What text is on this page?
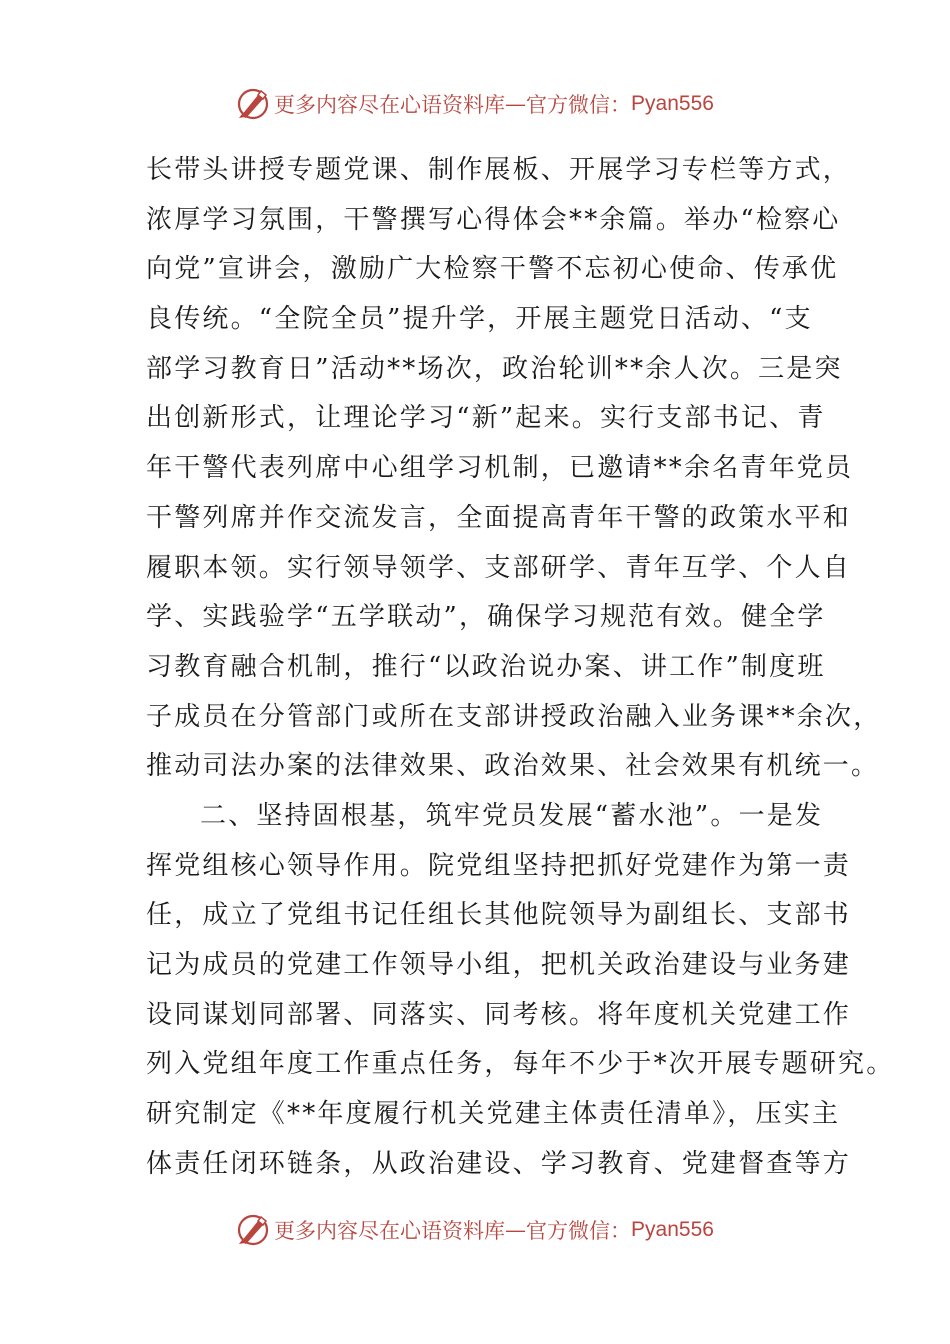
更多内容尽在心语资料库 — 官方微信： Pyan556
长带头讲授专题党课、制作展板、开展学习专栏等方式，
浓厚学习氛围，干警撰写心得体会**余篇。举办“检察心
向党”宣讲会，激励广大检察干警不忘初心使命、传承优
良传统。“全院全员”提升学，开展主题党日活动、“支
部学习教育日”活动**场次，政治轮训**余人次。三是突
出创新形式，让理论学习“新”起来。实行支部书记、青
年干警代表列席中心组学习机制，已邀请**余名青年党员
干警列席并作交流发言，全面提高青年干警的政策水平和
履职本领。实行领导领学、支部研学、青年互学、个人自
学、实践验学“五学联动”，确保学习规范有效。健全学
习教育融合机制，推行“以政治说办案、讲工作”制度班
子成员在分管部门或所在支部讲授政治融入业务课**余次，
推动司法办案的法律效果、政治效果、社会效果有机统一。
二、坚持固根基，筑牢党员发展“蓄水池”。一是发
挥党组核心领导作用。院党组坚持把抓好党建作为第一责
任，成立了党组书记任组长其他院领导为副组长、支部书
记为成员的党建工作领导小组，把机关政治建设与业务建
设同谋划同部署、同落实、同考核。将年度机关党建工作
列入党组年度工作重点任务，每年不少于*次开展专题研究。
研究制定《**年度履行机关党建主体责任清单》，压实主
体责任闭环链条，从政治建设、学习教育、党建督查等方
更多内容尽在心语资料库 — 官方微信： Pyan556
